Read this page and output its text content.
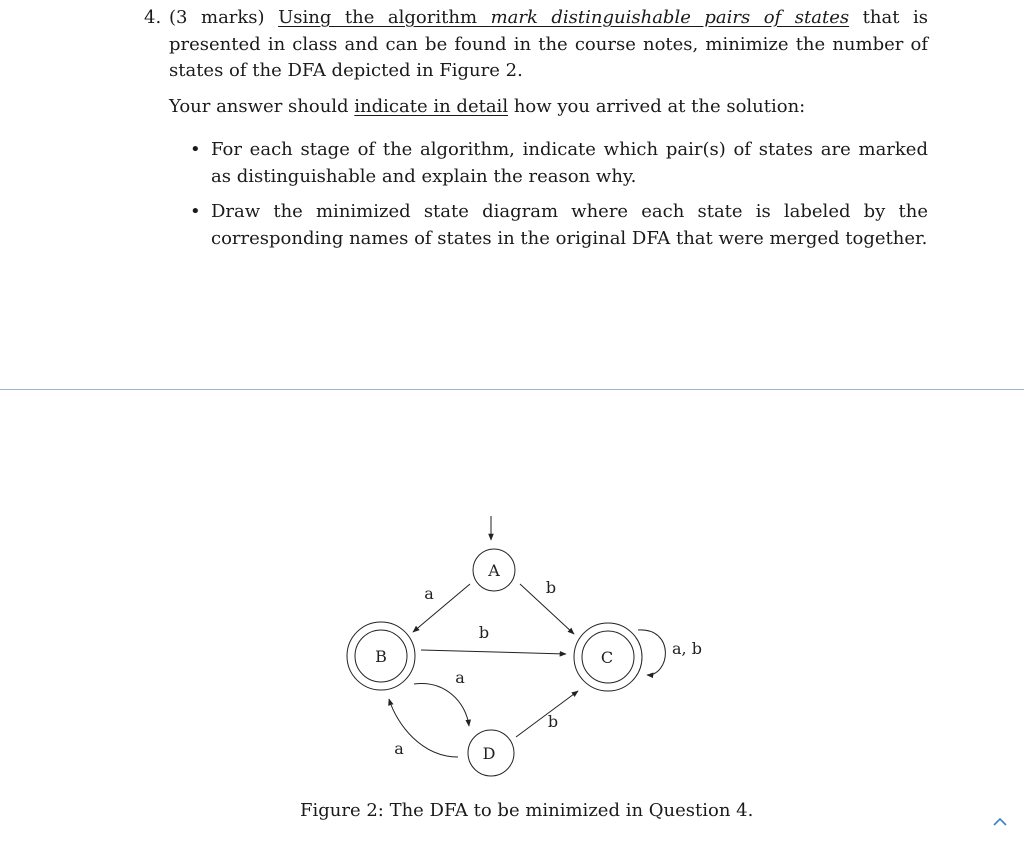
4. (3 marks) Using the algorithm mark distinguishable pairs of states that is presented in class and can be found in the course notes, minimize the number of states of the DFA depicted in Figure 2.
Your answer should indicate in detail how you arrived at the solution:
• For each stage of the algorithm, indicate which pair(s) of states are marked as distinguishable and explain the reason why.
• Draw the minimized state diagram where each state is labeled by the corresponding names of states in the original DFA that were merged together.
A
B	C
D
a	b
b
a
a
b
a, b
Figure 2: The DFA to be minimized in Question 4.
